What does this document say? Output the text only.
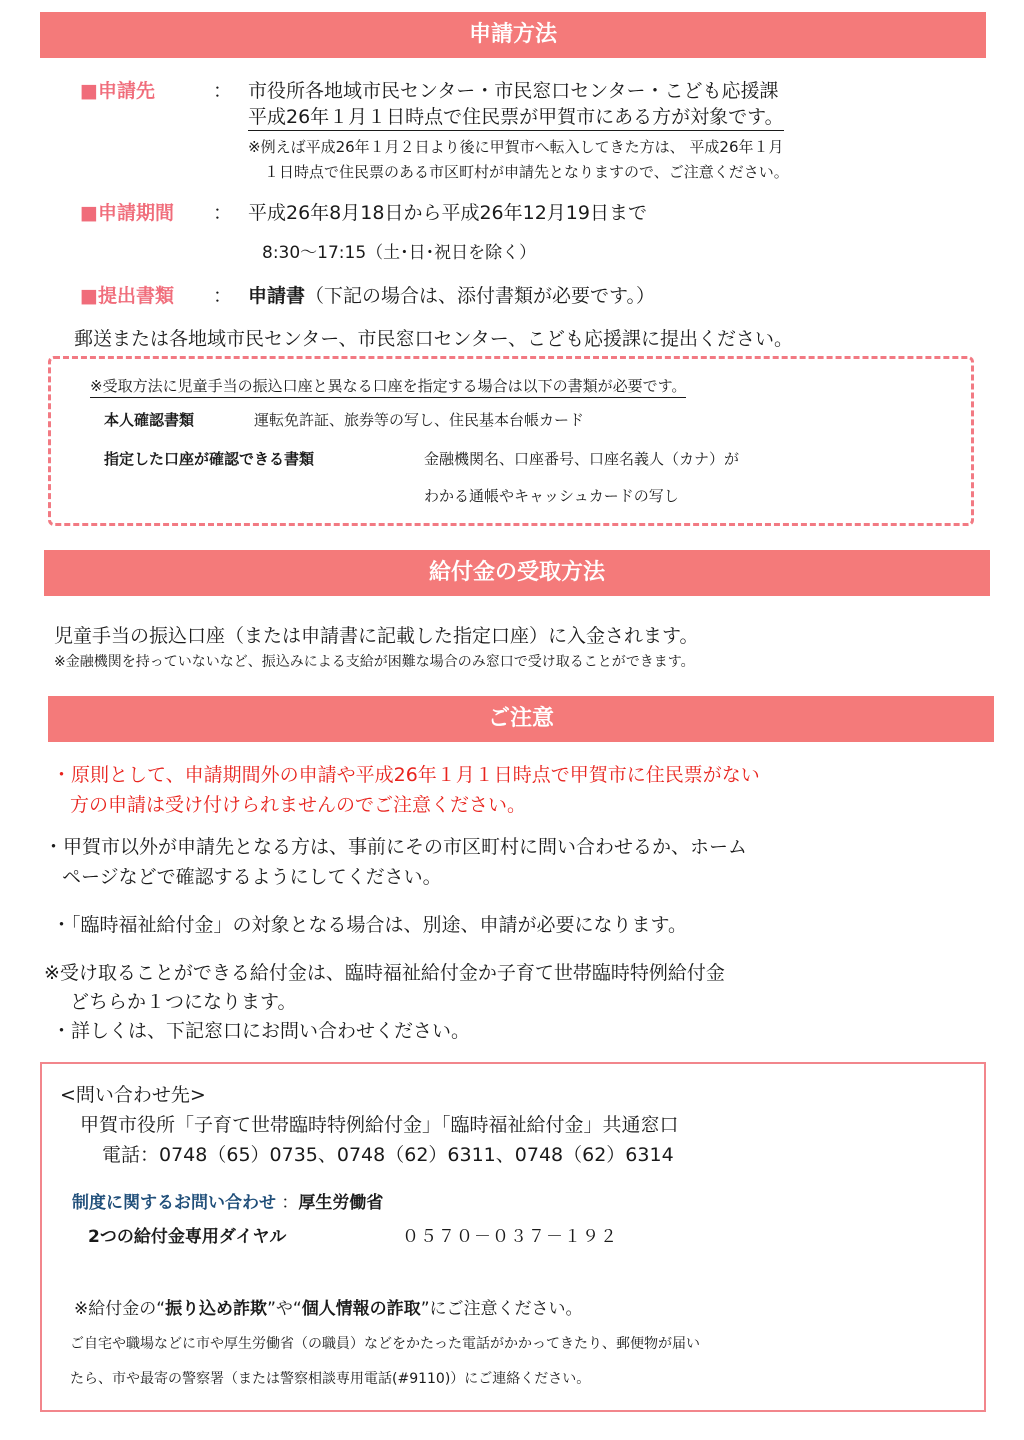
申請方法
■申請先	： 市役所各地域市民センター・市民窓口センター・こども応援課
平成26年１月１日時点で住民票が甲賀市にある方が対象です。
※例えば平成26年１月２日より後に甲賀市へ転入してきた方は、 平成26年１月
１日時点で住民票のある市区町村が申請先となりますので、ご注意ください。
■申請期間 ： 平成26年8月18日から平成26年12月19日まで
8:30～17:15（土･日･祝日を除く）
■提出書類 ： 申請書（下記の場合は、添付書類が必要です。）
郵送または各地域市民センター、市民窓口センター、こども応援課に提出ください。
※受取方法に児童手当の振込口座と異なる口座を指定する場合は以下の書類が必要です。
本人確認書類	運転免許証、旅券等の写し、住民基本台帳カード
指定した口座が確認できる書類	金融機関名、口座番号、口座名義人（カナ）が
わかる通帳やキャッシュカードの写し
給付金の受取方法
児童手当の振込口座（または申請書に記載した指定口座）に入金されます。
※金融機関を持っていないなど、振込みによる支給が困難な場合のみ窓口で受け取ることができます。
ご注意
・原則として、申請期間外の申請や平成26年１月１日時点で甲賀市に住民票がない
方の申請は受け付けられませんのでご注意ください。
・甲賀市以外が申請先となる方は、事前にその市区町村に問い合わせるか、ホーム
ページなどで確認するようにしてください。
・「臨時福祉給付金」の対象となる場合は、別途、申請が必要になります。
※受け取ることができる給付金は、臨時福祉給付金か子育て世帯臨時特例給付金
どちらか１つになります。
・詳しくは、下記窓口にお問い合わせください。
<問い合わせ先>
甲賀市役所「子育て世帯臨時特例給付金」「臨時福祉給付金」共通窓口
電話：0748（65）0735、0748（62）6311、0748（62）6314
制度に関するお問い合わせ ：厚生労働省
2つの給付金専用ダイヤル	０５７０－０３７－１９２
※給付金の“振り込め詐欺”や“個人情報の詐取”にご注意ください。
ご自宅や職場などに市や厚生労働省（の職員）などをかたった電話がかかってきたり、郵便物が届い
たら、市や最寄の警察署（または警察相談専用電話(#9110)）にご連絡ください。
